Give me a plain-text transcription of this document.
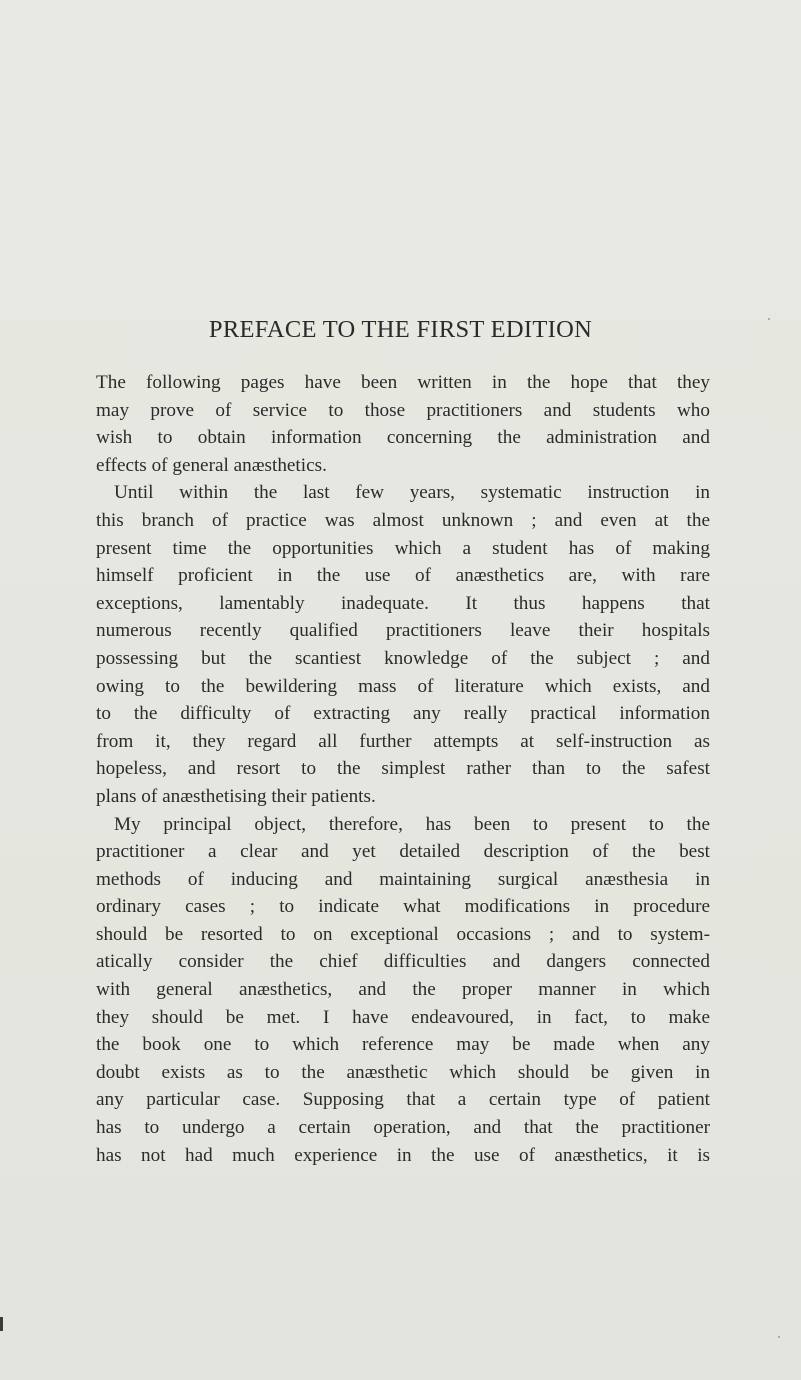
PREFACE TO THE FIRST EDITION
The following pages have been written in the hope that they
may prove of service to those practitioners and students who
wish to obtain information concerning the administration and
effects of general anæsthetics.
Until within the last few years, systematic instruction in
this branch of practice was almost unknown ; and even at the
present time the opportunities which a student has of making
himself proficient in the use of anæsthetics are, with rare
exceptions, lamentably inadequate. It thus happens that
numerous recently qualified practitioners leave their hospitals
possessing but the scantiest knowledge of the subject ; and
owing to the bewildering mass of literature which exists, and
to the difficulty of extracting any really practical information
from it, they regard all further attempts at self-instruction as
hopeless, and resort to the simplest rather than to the safest
plans of anæsthetising their patients.
My principal object, therefore, has been to present to the
practitioner a clear and yet detailed description of the best
methods of inducing and maintaining surgical anæsthesia in
ordinary cases ; to indicate what modifications in procedure
should be resorted to on exceptional occasions ; and to system-
atically consider the chief difficulties and dangers connected
with general anæsthetics, and the proper manner in which
they should be met. I have endeavoured, in fact, to make
the book one to which reference may be made when any
doubt exists as to the anæsthetic which should be given in
any particular case. Supposing that a certain type of patient
has to undergo a certain operation, and that the practitioner
has not had much experience in the use of anæsthetics, it is
